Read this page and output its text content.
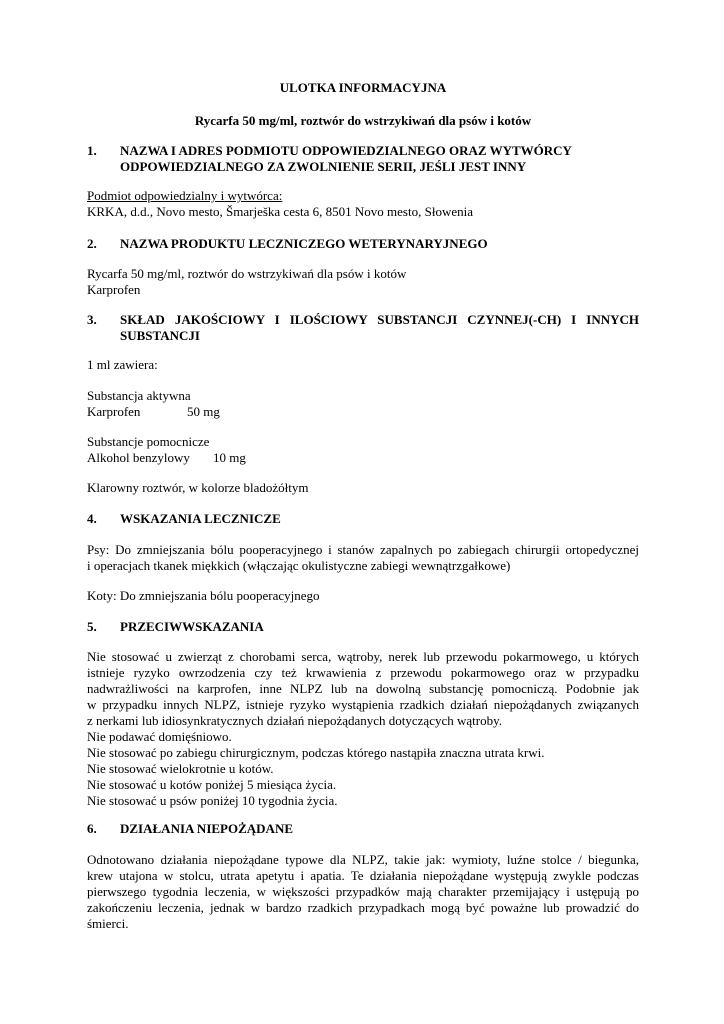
ULOTKA INFORMACYJNA

Rycarfa 50 mg/ml, roztwór do wstrzykiwań dla psów i kotów

1.	NAZWA I ADRES PODMIOTU ODPOWIEDZIALNEGO ORAZ WYTWÓRCY
ODPOWIEDZIALNEGO ZA ZWOLNIENIE SERII, JEŚLI JEST INNY

Podmiot odpowiedzialny i wytwórca:

KRKA, d.d., Novo mesto, Šmarješka cesta 6, 8501 Novo mesto, Słowenia

2. NAZWA PRODUKTU LECZNICZEGO WETERYNARYJNEGO

Rycarfa 50 mg/ml, roztwór do wstrzykiwań dla psów i kotów

Karprofen

3. SKŁAD JAKOŚCIOWY I ILOŚCIOWY SUBSTANCJI CZYNNEJ(-CH) I INNYCH
SUBSTANCJI

1 ml zawiera:

Substancja aktywna

Karprofen	50 mg

Substancje pomocnicze

Alkohol benzylowy 10 mg

Klarowny roztwór, w kolorze bladożółtym

4. WSKAZANIA LECZNICZE

Psy: Do zmniejszania bólu pooperacyjnego i stanów zapalnych po zabiegach chirurgii ortopedycznej
i operacjach tkanek miękkich (włączając okulistyczne zabiegi wewnątrzgałkowe)

Koty: Do zmniejszania bólu pooperacyjnego

5. PRZECIWWSKAZANIA

Nie stosować u zwierząt z chorobami serca, wątroby, nerek lub przewodu pokarmowego, u których
istnieje ryzyko owrzodzenia czy też krwawienia z przewodu pokarmowego oraz w przypadku
nadwrażliwości na karprofen, inne NLPZ lub na dowolną substancję pomocniczą. Podobnie jak
w przypadku innych NLPZ, istnieje ryzyko wystąpienia rzadkich działań niepożądanych związanych
z nerkami lub idiosynkratycznych działań niepożądanych dotyczących wątroby.
Nie podawać domięśniowo.
Nie stosować po zabiegu chirurgicznym, podczas którego nastąpiła znaczna utrata krwi.
Nie stosować wielokrotnie u kotów.
Nie stosować u kotów poniżej 5 miesiąca życia.
Nie stosować u psów poniżej 10 tygodnia życia.

6. DZIAŁANIA NIEPOŻĄDANE

Odnotowano działania niepożądane typowe dla NLPZ, takie jak: wymioty, luźne stolce / biegunka,
krew utajona w stolcu, utrata apetytu i apatia. Te działania niepożądane występują zwykle podczas
pierwszego tygodnia leczenia, w większości przypadków mają charakter przemijający i ustępują po
zakończeniu leczenia, jednak w bardzo rzadkich przypadkach mogą być poważne lub prowadzić do
śmierci.
